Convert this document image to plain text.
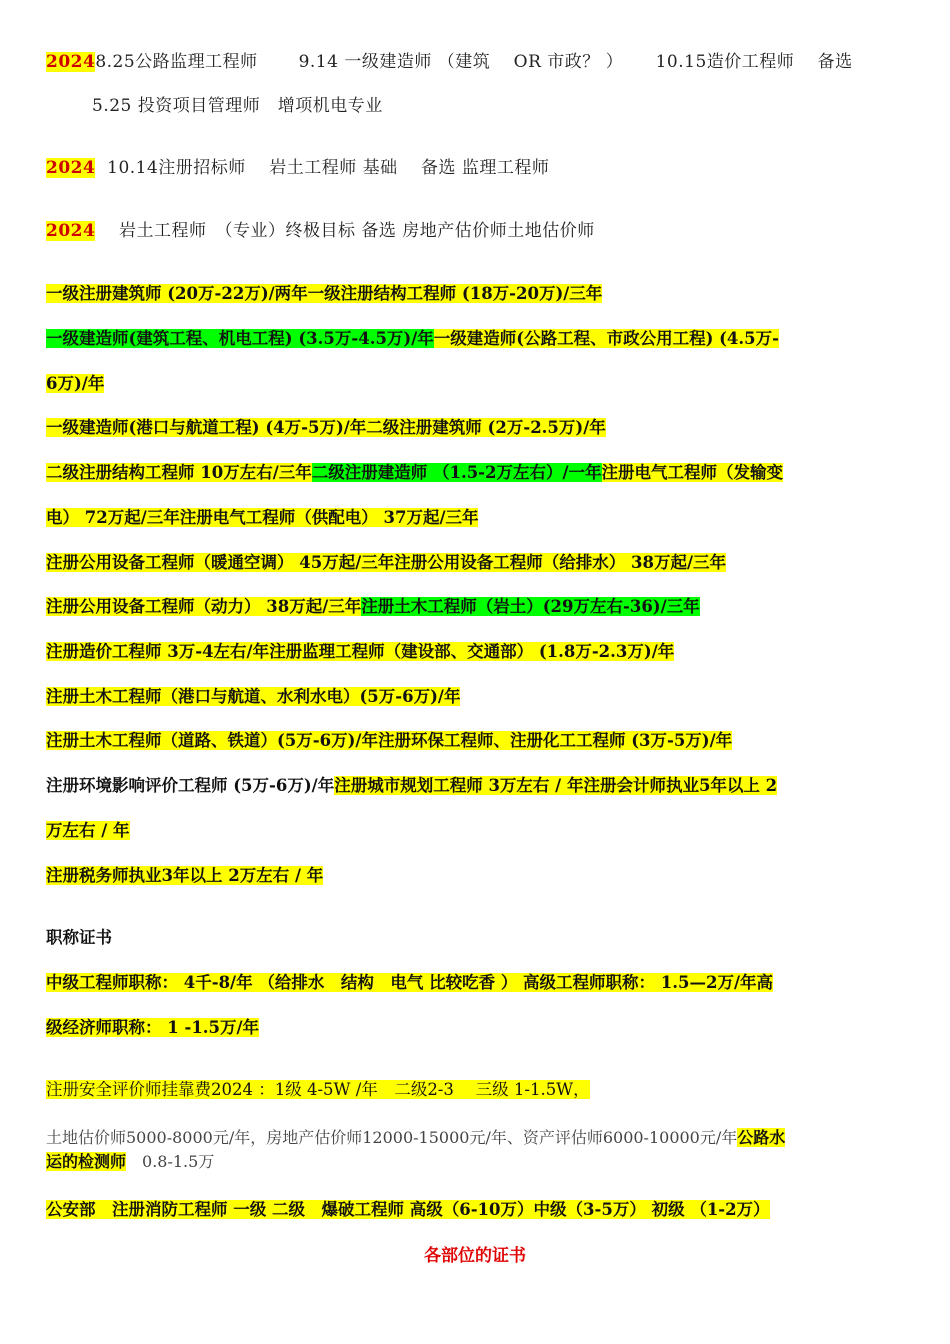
20248.25公路监理工程师　　 9.14 一级建造师 （建筑　 OR 市政？ ）　　 10.15造价工程师　 备选
5.25 投资项目管理师　增项机电专业
2024 10.14注册招标师　 岩土工程师 基础　 备选 监理工程师
2024 岩土工程师　（专业）终极目标 备选 房地产估价师土地估价师
一级注册建筑师 (20万-22万)/两年一级注册结构工程师 (18万-20万)/三年
一级建造师(建筑工程、机电工程) (3.5万-4.5万)/年一级建造师(公路工程、市政公用工程) (4.5万-
6万)/年
一级建造师(港口与航道工程) (4万-5万)/年二级注册建筑师 (2万-2.5万)/年
二级注册结构工程师 10万左右/三年二级注册建造师 （1.5-2万左右）/一年注册电气工程师（发输变
电） 72万起/三年注册电气工程师（供配电） 37万起/三年
注册公用设备工程师（暖通空调） 45万起/三年注册公用设备工程师（给排水） 38万起/三年
注册公用设备工程师（动力） 38万起/三年注册土木工程师（岩土）(29万左右-36)/三年
注册造价工程师 3万-4左右/年注册监理工程师（建设部、交通部） (1.8万-2.3万)/年
注册土木工程师（港口与航道、水利水电）(5万-6万)/年
注册土木工程师（道路、铁道）(5万-6万)/年注册环保工程师、注册化工工程师 (3万-5万)/年
注册环境影响评价工程师 (5万-6万)/年注册城市规划工程师 3万左右 / 年注册会计师执业5年以上 2
万左右 / 年
注册税务师执业3年以上 2万左右 / 年
职称证书
中级工程师职称： 4千-8/年 （给排水　结构　电气 比较吃香 ） 高级工程师职称： 1.5—2万/年高
级经济师职称： 1 -1.5万/年
注册安全评价师挂靠费2024 ：1级 4-5W /年　二级2-3　 三级 1-1.5W，
土地估价师5000-8000元/年，房地产估价师12000-15000元/年、资产评估师6000-10000元/年公路水
运的检测师　0.8-1.5万
公安部　注册消防工程师 一级 二级　爆破工程师 高级（6-10万）中级（3-5万） 初级 （1-2万）
各部位的证书
